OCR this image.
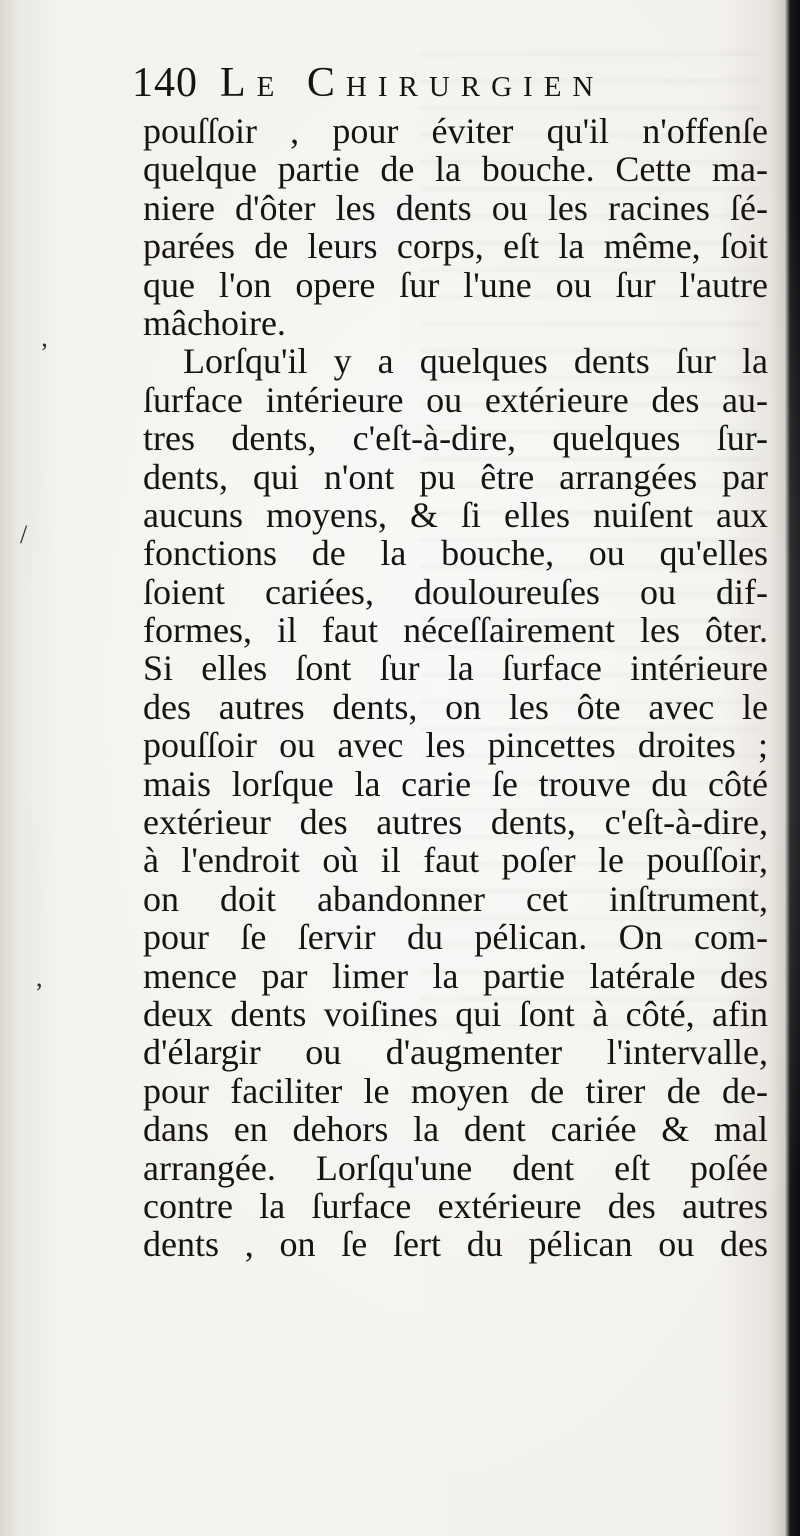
’
/
,
140 Le Chirurgien
pouſſoir , pour éviter qu'il n'offenſe
quelque partie de la bouche. Cette ma-
niere d'ôter les dents ou les racines ſé-
parées de leurs corps, eſt la même, ſoit
que l'on opere ſur l'une ou ſur l'autre
mâchoire.
Lorſqu'il y a quelques dents ſur la
ſurface intérieure ou extérieure des au-
tres dents, c'eſt-à-dire, quelques ſur-
dents, qui n'ont pu être arrangées par
aucuns moyens, & ſi elles nuiſent aux
fonctions de la bouche, ou qu'elles
ſoient cariées, douloureuſes ou dif-
formes, il faut néceſſairement les ôter.
Si elles ſont ſur la ſurface intérieure
des autres dents, on les ôte avec le
pouſſoir ou avec les pincettes droites ;
mais lorſque la carie ſe trouve du côté
extérieur des autres dents, c'eſt-à-dire,
à l'endroit où il faut poſer le pouſſoir,
on doit abandonner cet inſtrument,
pour ſe ſervir du pélican. On com-
mence par limer la partie latérale des
deux dents voiſines qui ſont à côté, afin
d'élargir ou d'augmenter l'intervalle,
pour faciliter le moyen de tirer de de-
dans en dehors la dent cariée & mal
arrangée. Lorſqu'une dent eſt poſée
contre la ſurface extérieure des autres
dents , on ſe ſert du pélican ou des
